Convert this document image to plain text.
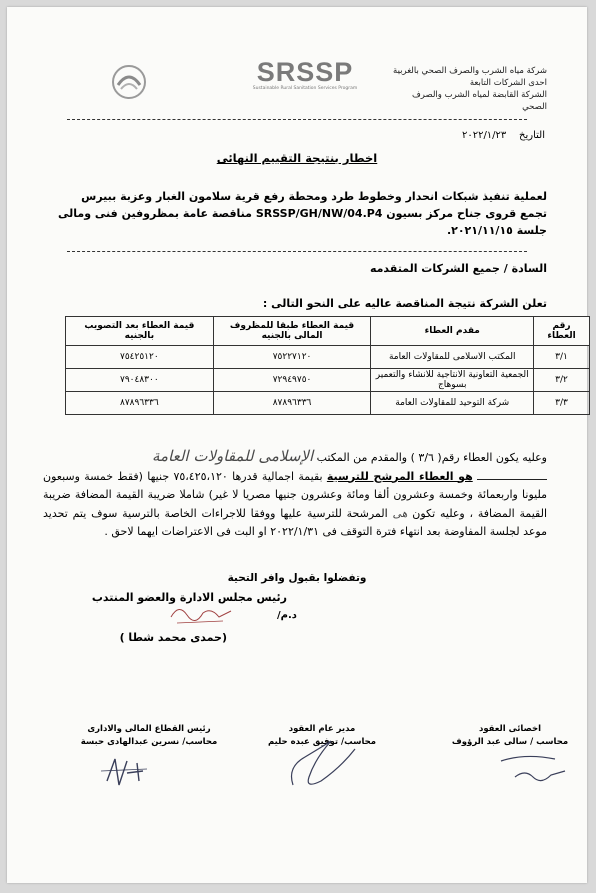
شركة مياه الشرب والصرف الصحي بالغربية
احدى الشركات التابعة
الشركة القابضة لمياه الشرب والصرف الصحي
SRSSP
Sustainable Rural Sanitation Services Program
التاريخ    ٢٠٢٢/١/٢٣
اخطار بنتيجة التقييم النهائى
لعملية تنفيذ شبكات انحدار وخطوط طرد ومحطة رفع قرية سلامون الغبار وعزبة ببيرس تجمع قروى جناح مركز بسيون SRSSP/GH/NW/04.P4 مناقصة عامة بمظروفين فنى ومالى جلسة ٢٠٢١/١١/١٥.
السادة / جميع الشركات المتقدمه
تعلن الشركة نتيجة المناقصة عاليه على النحو التالى :
رقم العطاء	مقدم العطاء	قيمة العطاء طبقا للمظروف المالى بالجنيه	قيمة العطاء بعد التصويب بالجنيه
٣/١	المكتب الاسلامى للمقاولات العامة	٧٥٢٢٧١٢٠	٧٥٤٢٥١٢٠
٣/٢	الجمعية التعاونية الانتاجية للانشاء والتعمير بسوهاج	٧٢٩٤٩٧٥٠	٧٩٠٤٨٣٠٠
٣/٣	شركة التوحيد للمقاولات العامة	٨٧٨٩٦٣٣٦	٨٧٨٩٦٣٣٦
وعليه يكون العطاء رقم( ٣/٦ ) والمقدم من المكتب الإسلامى للمقاولات العامة
هو العطاء المرشح للترسية بقيمة اجمالية قدرها ٧٥،٤٢٥،١٢٠ جنيها (فقط خمسة وسبعون مليونا واربعمائة وخمسة وعشرون ألفا ومائة وعشرون جنيها مصريا لا غير) شاملا ضريبة القيمة المضافة ضريبة القيمة المضافة ، وعليه تكون هى المرشحة للترسية عليها ووفقا للاجراءات الخاصة بالترسية سوف يتم تحديد موعد لجلسة المفاوضة بعد انتهاء فترة التوقف فى ٢٠٢٢/١/٣١ او البت فى الاعتراضات ايهما لاحق .
وتفضلوا بقبول وافر التحية
رئيس مجلس الادارة والعضو المنتدب
د.م/
(حمدى محمد شطا )
رئيس القطاع المالى والادارى
محاسب/ نسرين عبدالهادى حبسة
مدير عام العقود
محاسب/ توفيق عبده حليم
اخصائى العقود
محاسب / سالى عبد الرؤوف
